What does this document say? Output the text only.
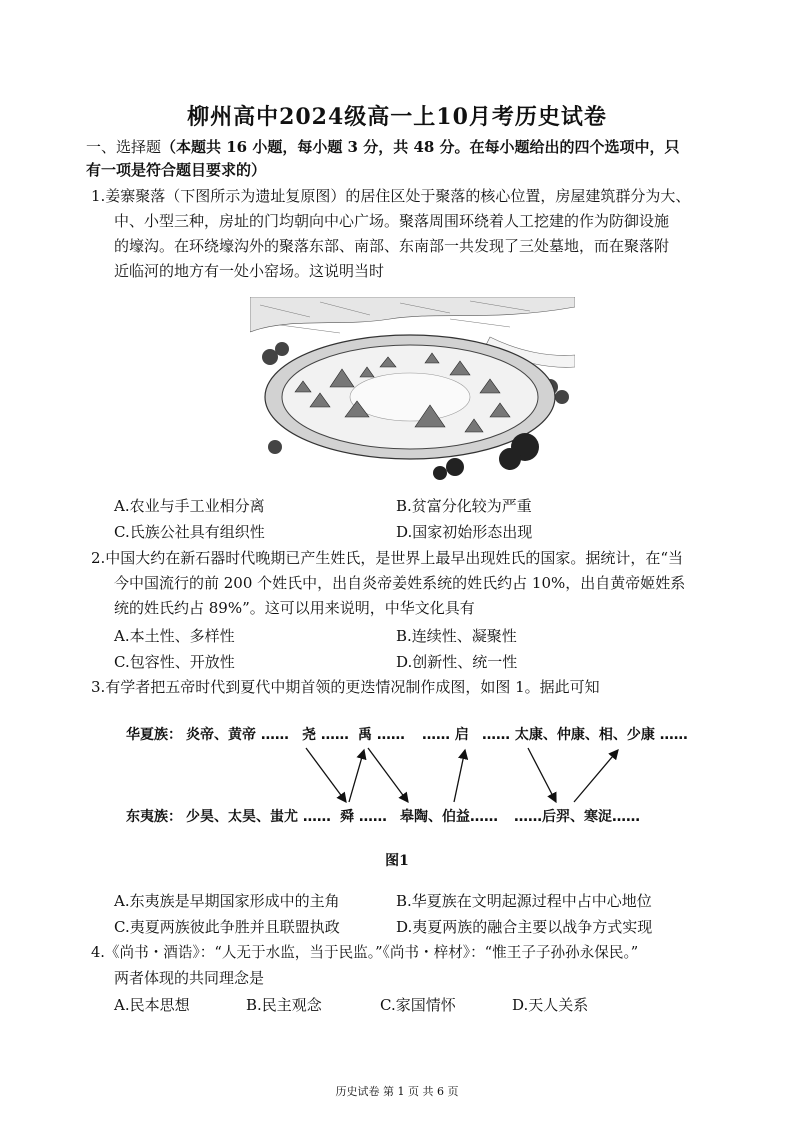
柳州高中2024级高一上10月考历史试卷
一、选择题（本题共 16 小题，每小题 3 分，共 48 分。在每小题给出的四个选项中，只
有一项是符合题目要求的）
1.姜寨聚落（下图所示为遗址复原图）的居住区处于聚落的核心位置，房屋建筑群分为大、
中、小型三种，房址的门均朝向中心广场。聚落周围环绕着人工挖建的作为防御设施
的壕沟。在环绕壕沟外的聚落东部、南部、东南部一共发现了三处墓地，而在聚落附
近临河的地方有一处小窑场。这说明当时
A.农业与手工业相分离	B.贫富分化较为严重
C.氏族公社具有组织性	D.国家初始形态出现
2.中国大约在新石器时代晚期已产生姓氏，是世界上最早出现姓氏的国家。据统计，在“当
今中国流行的前 200 个姓氏中，出自炎帝姜姓系统的姓氏约占 10%，出自黄帝姬姓系
统的姓氏约占 89%”。这可以用来说明，中华文化具有
A.本土性、多样性	B.连续性、凝聚性
C.包容性、开放性	D.创新性、统一性
3.有学者把五帝时代到夏代中期首领的更迭情况制作成图，如图 1。据此可知
华夏族： 炎帝、黄帝 …… 尧 …… 禹 …… …… 启 …… 太康、仲康、相、少康 ……
东夷族： 少昊、太昊、蚩尤 …… 舜 …… 皋陶、伯益…… ……后羿、寒浞……
图1
A.东夷族是早期国家形成中的主角	B.华夏族在文明起源过程中占中心地位
C.夷夏两族彼此争胜并且联盟执政	D.夷夏两族的融合主要以战争方式实现
4.《尚书・酒诰》：“人无于水监，当于民监。”《尚书・梓材》：“惟王子子孙孙永保民。”
两者体现的共同理念是
A.民本思想	B.民主观念	C.家国情怀	D.天人关系
历史试卷 第 1 页 共 6 页
